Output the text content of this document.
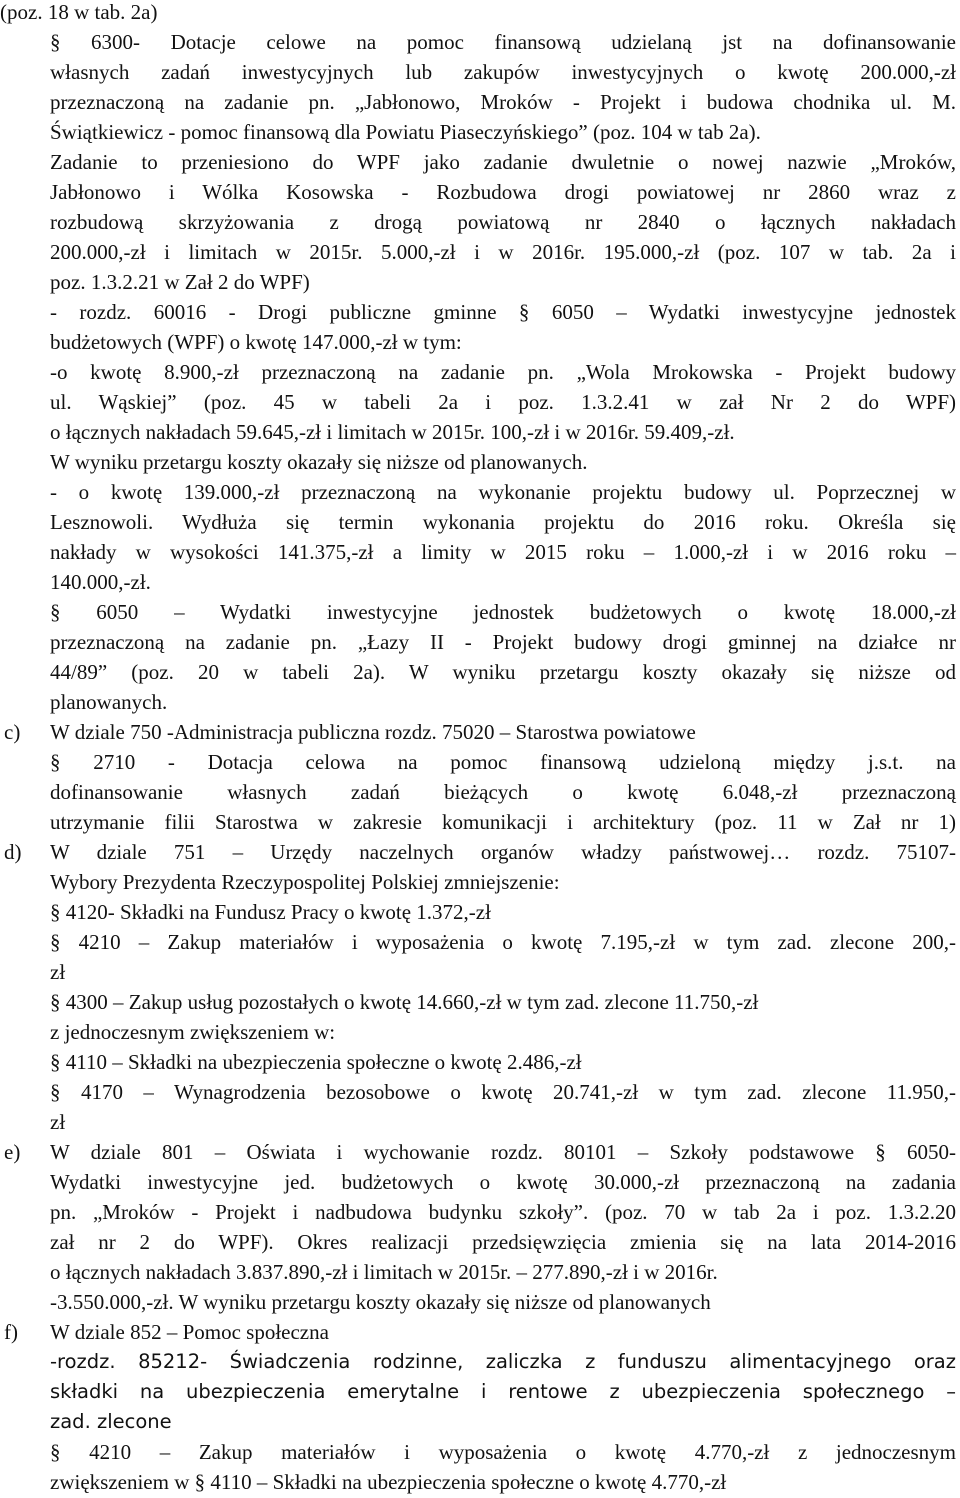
(poz. 18 w tab. 2a)
§ 6300- Dotacje celowe na pomoc finansową udzielaną jst na dofinansowanie
własnych zadań inwestycyjnych lub zakupów inwestycyjnych o kwotę 200.000,-zł
przeznaczoną na zadanie pn. „Jabłonowo, Mroków - Projekt i budowa chodnika ul. M.
Świątkiewicz - pomoc finansową dla Powiatu Piaseczyńskiego” (poz. 104 w tab 2a).
Zadanie to przeniesiono do WPF jako zadanie dwuletnie o nowej nazwie „Mroków,
Jabłonowo i Wólka Kosowska - Rozbudowa drogi powiatowej nr 2860 wraz z
rozbudową skrzyżowania z drogą powiatową nr 2840 o łącznych nakładach
200.000,-zł i limitach w 2015r. 5.000,-zł i w 2016r. 195.000,-zł (poz. 107 w tab. 2a i
poz. 1.3.2.21 w Zał 2 do WPF)
- rozdz. 60016 - Drogi publiczne gminne § 6050 – Wydatki inwestycyjne jednostek
budżetowych (WPF) o kwotę 147.000,-zł w tym:
-o kwotę 8.900,-zł przeznaczoną na zadanie pn. „Wola Mrokowska - Projekt budowy
ul. Wąskiej” (poz. 45 w tabeli 2a i poz. 1.3.2.41 w zał Nr 2 do WPF)
o łącznych nakładach 59.645,-zł i limitach w 2015r. 100,-zł i w 2016r. 59.409,-zł.
W wyniku przetargu koszty okazały się niższe od planowanych.
- o kwotę 139.000,-zł przeznaczoną na wykonanie projektu budowy ul. Poprzecznej w
Lesznowoli. Wydłuża się termin wykonania projektu do 2016 roku. Określa się
nakłady w wysokości 141.375,-zł a limity w 2015 roku – 1.000,-zł i w 2016 roku –
140.000,-zł.
§ 6050 – Wydatki inwestycyjne jednostek budżetowych o kwotę 18.000,-zł
przeznaczoną na zadanie pn. „Łazy II - Projekt budowy drogi gminnej na działce nr
44/89” (poz. 20 w tabeli 2a). W wyniku przetargu koszty okazały się niższe od
planowanych.
c) W dziale 750 -Administracja publiczna rozdz. 75020 – Starostwa powiatowe
§ 2710 - Dotacja celowa na pomoc finansową udzieloną między j.s.t. na
dofinansowanie własnych zadań bieżących o kwotę 6.048,-zł przeznaczoną
utrzymanie filii Starostwa w zakresie komunikacji i architektury (poz. 11 w Zał nr 1)
d) W dziale 751 – Urzędy naczelnych organów władzy państwowej… rozdz. 75107-
Wybory Prezydenta Rzeczypospolitej Polskiej zmniejszenie:
§ 4120- Składki na Fundusz Pracy o kwotę 1.372,-zł
§ 4210 – Zakup materiałów i wyposażenia o kwotę 7.195,-zł w tym zad. zlecone 200,-
zł
§ 4300 – Zakup usług pozostałych o kwotę 14.660,-zł w tym zad. zlecone 11.750,-zł
z jednoczesnym zwiększeniem w:
§ 4110 – Składki na ubezpieczenia społeczne o kwotę 2.486,-zł
§ 4170 – Wynagrodzenia bezosobowe o kwotę 20.741,-zł w tym zad. zlecone 11.950,-
zł
e) W dziale 801 – Oświata i wychowanie rozdz. 80101 – Szkoły podstawowe § 6050-
Wydatki inwestycyjne jed. budżetowych o kwotę 30.000,-zł przeznaczoną na zadania
pn. „Mroków - Projekt i nadbudowa budynku szkoły”. (poz. 70 w tab 2a i poz. 1.3.2.20
zał nr 2 do WPF). Okres realizacji przedsięwzięcia zmienia się na lata 2014-2016
o łącznych nakładach 3.837.890,-zł i limitach w 2015r. – 277.890,-zł i w 2016r.
-3.550.000,-zł. W wyniku przetargu koszty okazały się niższe od planowanych
f) W dziale 852 – Pomoc społeczna
-rozdz. 85212- Świadczenia rodzinne, zaliczka z funduszu alimentacyjnego oraz
składki na ubezpieczenia emerytalne i rentowe z ubezpieczenia społecznego –
zad. zlecone
§ 4210 – Zakup materiałów i wyposażenia o kwotę 4.770,-zł z jednoczesnym
zwiększeniem w § 4110 – Składki na ubezpieczenia społeczne o kwotę 4.770,-zł
